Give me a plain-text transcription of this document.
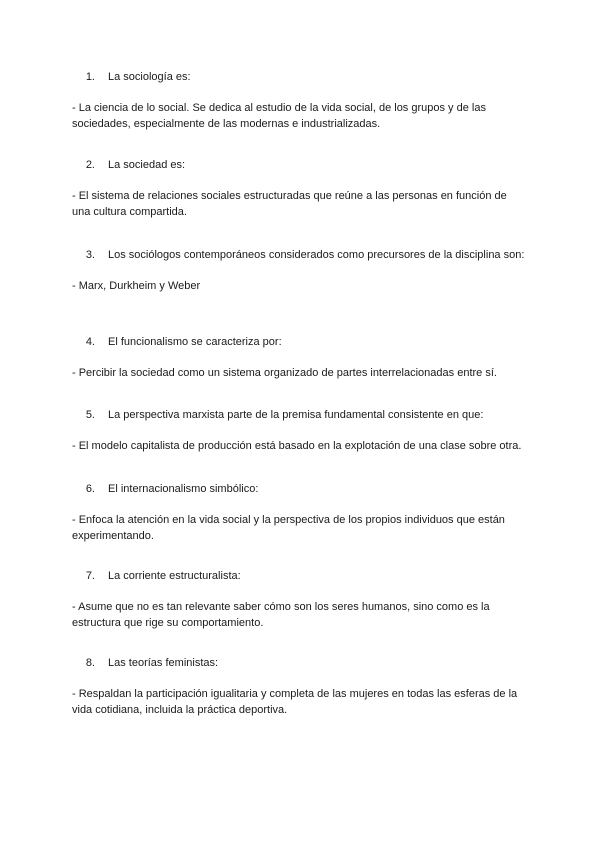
1.	La sociología es:
- La ciencia de lo social. Se dedica al estudio de la vida social, de los grupos y de las sociedades, especialmente de las modernas e industrializadas.
2.	La sociedad es:
- El sistema de relaciones sociales estructuradas que reúne a las personas en función de una cultura compartida.
3.	Los sociólogos contemporáneos considerados como precursores de la disciplina son:
- Marx, Durkheim y Weber
4.	El funcionalismo se caracteriza por:
- Percibir la sociedad como un sistema organizado de partes interrelacionadas entre sí.
5.	La perspectiva marxista parte de la premisa fundamental consistente en que:
- El modelo capitalista de producción está basado en la explotación de una clase sobre otra.
6.	El internacionalismo simbólico:
- Enfoca la atención en la vida social y la perspectiva de los propios individuos que están experimentando.
7.	La corriente estructuralista:
- Asume que no es tan relevante saber cómo son los seres humanos, sino como es la estructura que rige su comportamiento.
8.	Las teorías feministas:
- Respaldan la participación igualitaria y completa de las mujeres en todas las esferas de la vida cotidiana, incluida la práctica deportiva.
